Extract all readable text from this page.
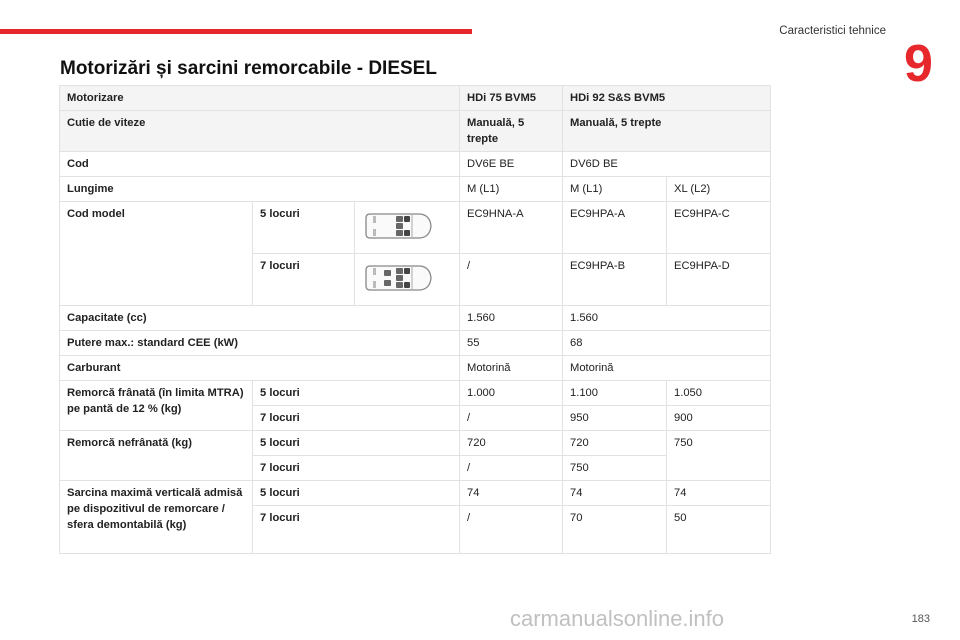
Caracteristici tehnice
9
Motorizări și sarcini remorcabile - DIESEL
Motorizare			HDi 75 BVM5	HDi 92 S&S BVM5	
Cutie de viteze			Manuală, 5 trepte	Manuală, 5 trepte	
Cod			DV6E BE	DV6D BE	
Lungime			M (L1)	M (L1)	XL (L2)
Cod model	5 locuri		EC9HNA-A	EC9HPA-A	EC9HPA-C
	7 locuri		/	EC9HPA-B	EC9HPA-D
Capacitate (cc)			1.560	1.560	
Putere max.: standard CEE (kW)			55	68	
Carburant			Motorină	Motorină	
Remorcă frânată (în limita MTRA) pe pantă de 12 % (kg)	5 locuri		1.000	1.100	1.050
	7 locuri		/	950	900
Remorcă nefrânată (kg)	5 locuri		720	720	750
	7 locuri		/	750	
Sarcina maximă verticală admisă pe dispozitivul de remorcare / sfera demontabilă (kg)	5 locuri		74	74	74
	7 locuri		/	70	50
carmanualsonline.info	183
